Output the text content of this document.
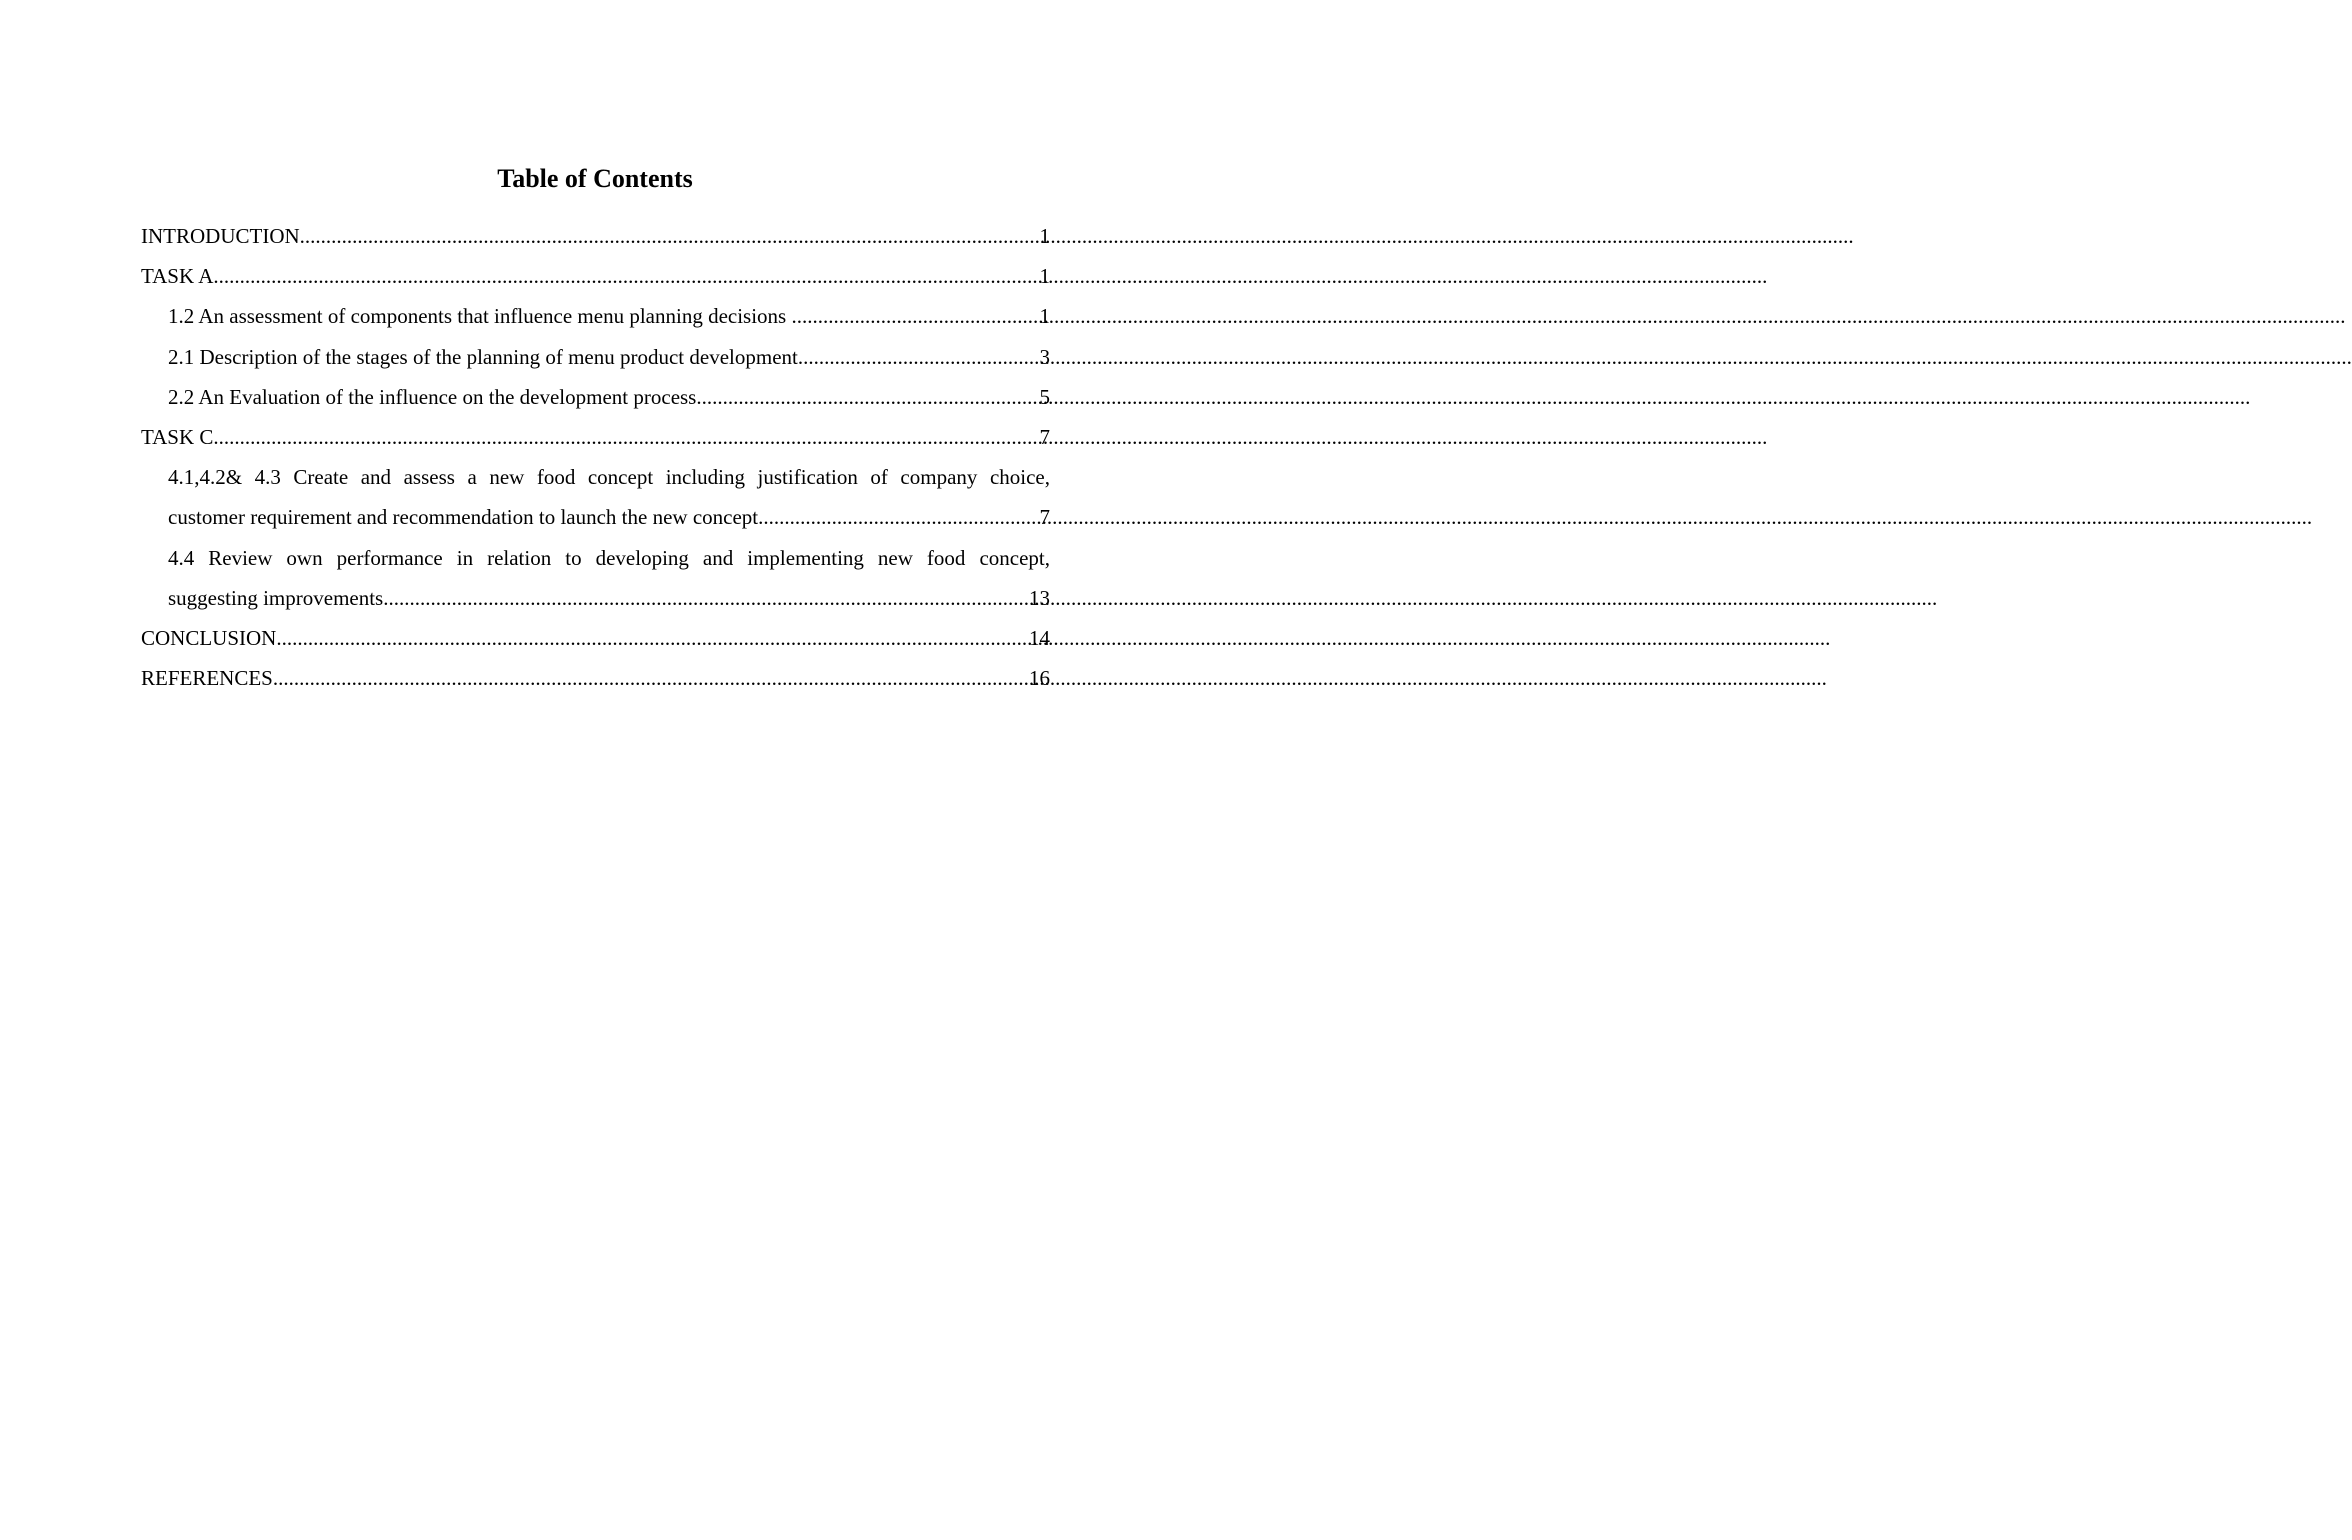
Table of Contents
INTRODUCTION .....	1
TASK A .....	1
1.2 An assessment of components that influence menu planning decisions .....	1
2.1 Description of the stages of the planning of menu product development .....	3
2.2 An Evaluation of the influence on the development process .....	5
TASK C .....	7
4.1,4.2& 4.3 Create and assess a new food concept including justification of company choice,
customer requirement and recommendation to launch the new concept .....	7
4.4 Review own performance in relation to developing and implementing new food concept,
suggesting improvements .....	13
CONCLUSION .....	14
REFERENCES .....	16
